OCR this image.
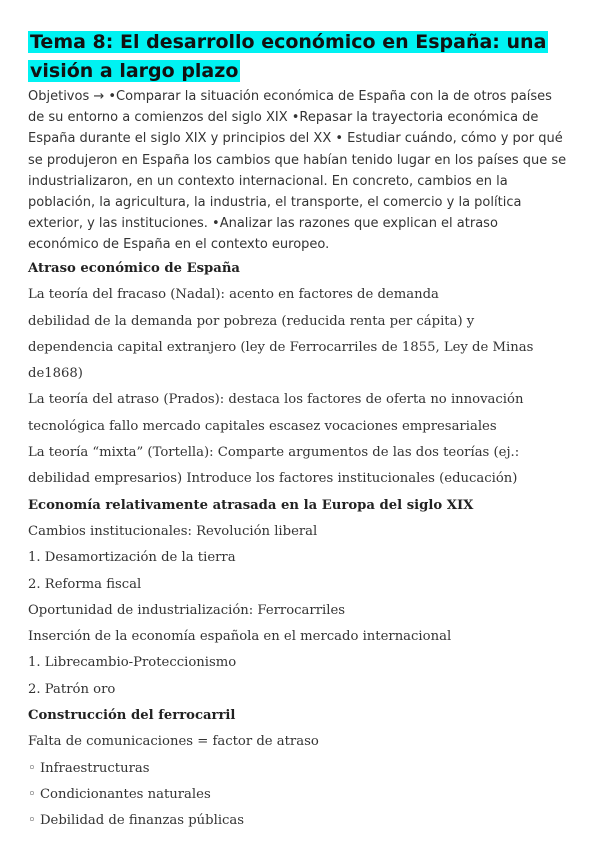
Tema 8: El desarrollo económico en España: una visión a largo plazo

Objetivos → •Comparar la situación económica de España con la de otros países de su entorno a comienzos del siglo XIX •Repasar la trayectoria económica de España durante el siglo XIX y principios del XX • Estudiar cuándo, cómo y por qué se produjeron en España los cambios que habían tenido lugar en los países que se industrializaron, en un contexto internacional. En concreto, cambios en la población, la agricultura, la industria, el transporte, el comercio y la política exterior, y las instituciones. •Analizar las razones que explican el atraso económico de España en el contexto europeo.

Atraso económico de España

La teoría del fracaso (Nadal): acento en factores de demanda

debilidad de la demanda por pobreza (reducida renta per cápita) y

dependencia capital extranjero (ley de Ferrocarriles de 1855, Ley de Minas

de1868)

La teoría del atraso (Prados): destaca los factores de oferta no innovación

tecnológica fallo mercado capitales escasez vocaciones empresariales

La teoría “mixta” (Tortella): Comparte argumentos de las dos teorías (ej.:

debilidad empresarios) Introduce los factores institucionales (educación)

Economía relativamente atrasada en la Europa del siglo XIX

Cambios institucionales: Revolución liberal

1. Desamortización de la tierra

2. Reforma fiscal

Oportunidad de industrialización: Ferrocarriles

Inserción de la economía española en el mercado internacional

1. Librecambio-Proteccionismo

2. Patrón oro

Construcción del ferrocarril

Falta de comunicaciones = factor de atraso

◦ Infraestructuras

◦ Condicionantes naturales

◦ Debilidad de finanzas públicas
